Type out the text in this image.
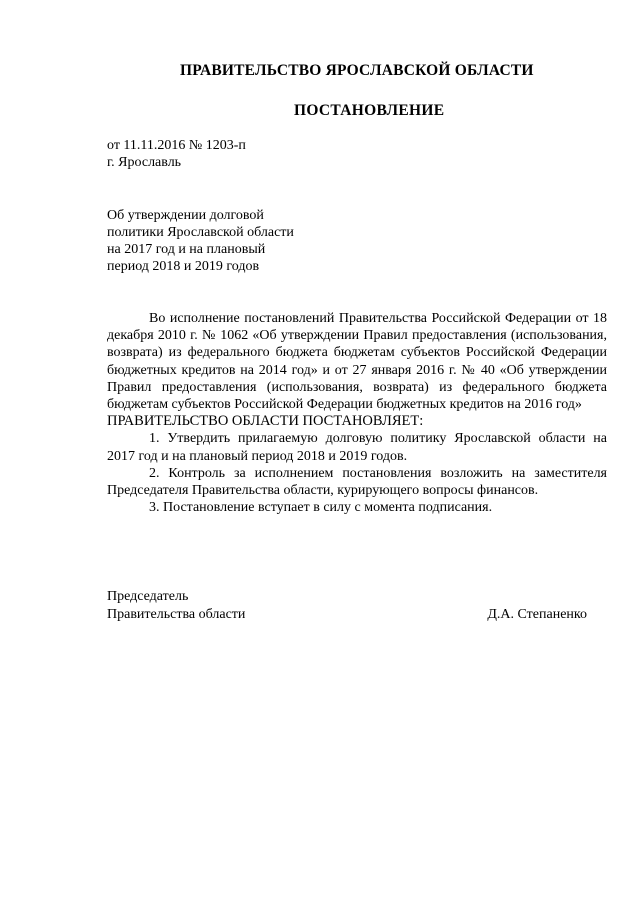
ПРАВИТЕЛЬСТВО ЯРОСЛАВСКОЙ ОБЛАСТИ
ПОСТАНОВЛЕНИЕ
от 11.11.2016 № 1203-п
г. Ярославль
Об утверждении долговой
политики Ярославской области
на 2017 год и на плановый
период 2018 и 2019 годов

Во исполнение постановлений Правительства Российской Федерации от 18 декабря 2010 г. № 1062 «Об утверждении Правил предоставления (использования, возврата) из федерального бюджета бюджетам субъектов Российской Федерации бюджетных кредитов на 2014 год» и от 27 января 2016 г. № 40 «Об утверждении Правил предоставления (использования, возврата) из федерального бюджета бюджетам субъектов Российской Федерации бюджетных кредитов на 2016 год»

ПРАВИТЕЛЬСТВО ОБЛАСТИ ПОСТАНОВЛЯЕТ:

1. Утвердить прилагаемую долговую политику Ярославской области на 2017 год и на плановый период 2018 и 2019 годов.

2. Контроль за исполнением постановления возложить на заместителя Председателя Правительства области, курирующего вопросы финансов.

3. Постановление вступает в силу с момента подписания.

Председатель
Правительства области	Д.А. Степаненко
